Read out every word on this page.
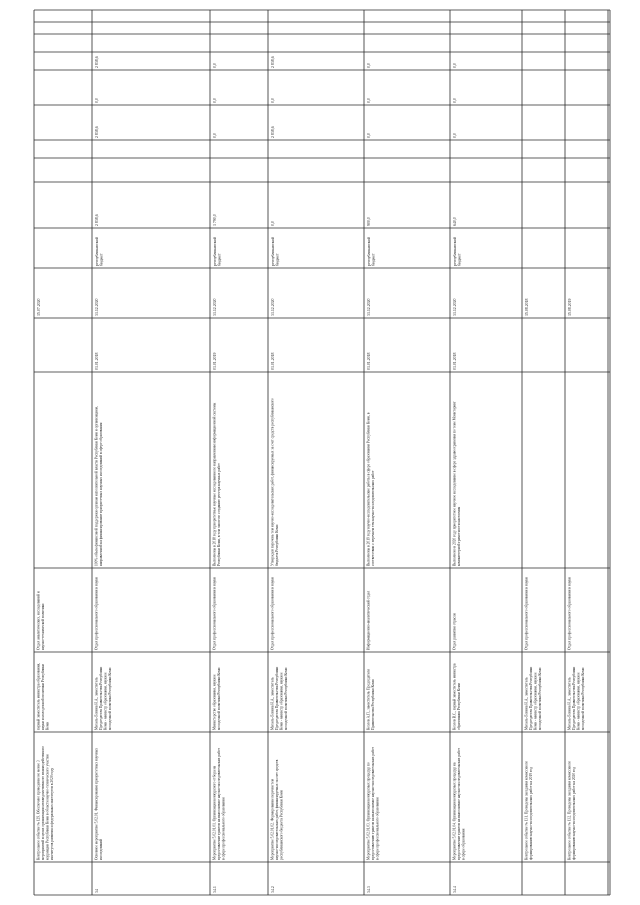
Контрольное событие № 129. Обеспечено проведение не менее 3мероприятий в целях организации межведомственного взаимодействия покоррекции Республики Коми в области научно-технического участияинститутов развития и федеральных институтов в 2020 году
первый заместитель министра образования,науки и молодежной политики РеспубликиКоми
Отдел аналитических, исследований инаучно-технической политики
15.07.2020
34
Основное мероприятие 5.02.01. Финансирование приоритетных научныхисследований
Михель-Ленина Н.А., заместительПредседателя Правительства РеспубликиКоми - министр образования, науки имолодежной политики Республики Коми
Отдел профессионального образования и науки
100% объем финансовой поддержки органам исполнительной власти Республики Коми и организациям,направленной на финансирование приоритетных научных исследований в сфере образования
01.01.2018
31.12.2020
республиканскийбюджет
2 838,6
2 838,6
0,0
2 838,6
34.1
Мероприятие 5.02.01.01. Организация конкурсного отбора напредоставление грантов на выполнение научно-исследовательских работв сфере профессионального образования
Министерство образования, науки имолодежной политики Республики Коми
Отдел профессионального образования и науки
Выполнены в 2018 году приоритетные научные исследования по направлениям информационной системыРеспублики Коми, в том числе по созданию реестра научных работ
01.01.2019
31.12.2020
республиканскийбюджет
1 790,0
0,0
0,0
0,0
34.2
Мероприятие 5.02.01.02. Формирование перечня темнаучно-исследовательских работ, финансируемых за счет средствреспубликанского бюджета Республики Коми
Михель-Ленина Н.А., заместительПредседателя Правительства РеспубликиКоми - министр образования, науки имолодежной политики Республики Коми
Отдел профессионального образования и науки
Утвержден перечень тем научно-исследовательских работ, финансируемых за счет средств республиканскогобюджета Республики Коми
01.01.2018
31.12.2020
республиканскийбюджет
0,0
2 838,6
0,0
2 838,6
34.3
Мероприятие 5.02.01.03. Организация конкурсных процедур попредоставлению грантов на выполнение научно-исследовательских работв сфере профессионального образования
Козлов А.П., заместитель ПредседателяПравительства Республики Коми
Информационно-аналитический отдел
Выполнены в 2019 году научно-исследовательские работы в сфере образования Республики Коми, всоответствии с перечнем тем научно-исследовательских работ
01.01.2018
31.12.2020
республиканскийбюджет
900,0
0,0
0,0
0,0
34.4
Мероприятие 5.02.01.04. Организация конкурсных процедур напредоставление грантов на выполнение научно-исследовательских работв сфере образования
Козлов В.С., первый заместитель министраобразования Республики Коми
Отдел развития отрасли
Выполнено в 2020 году приоритетное научное исследование в сфере здравоохранения по теме Мониторингкомпьютерной грамотности населения
01.01.2018
31.12.2020
республиканскийбюджет
640,0
0,0
0,0
0,0
Контрольное событие № 131. Проведены заседания комиссии поформированию научно-исследовательских работ на 2019 год
Михель-Ленина Н.А., заместительПредседателя Правительства РеспубликиКоми - министр образования, науки имолодежной политики Республики Коми
Отдел профессионального образования и науки
15.08.2018
Контрольное событие № 132. Проведены заседания комиссии поформированию научно-исследовательских работ на 2020 год
Михель-Ленина Н.А., заместительПредседателя Правительства РеспубликиКоми - министр образования, науки имолодежной политики Республики Коми
Отдел профессионального образования и науки
15.08.2019
